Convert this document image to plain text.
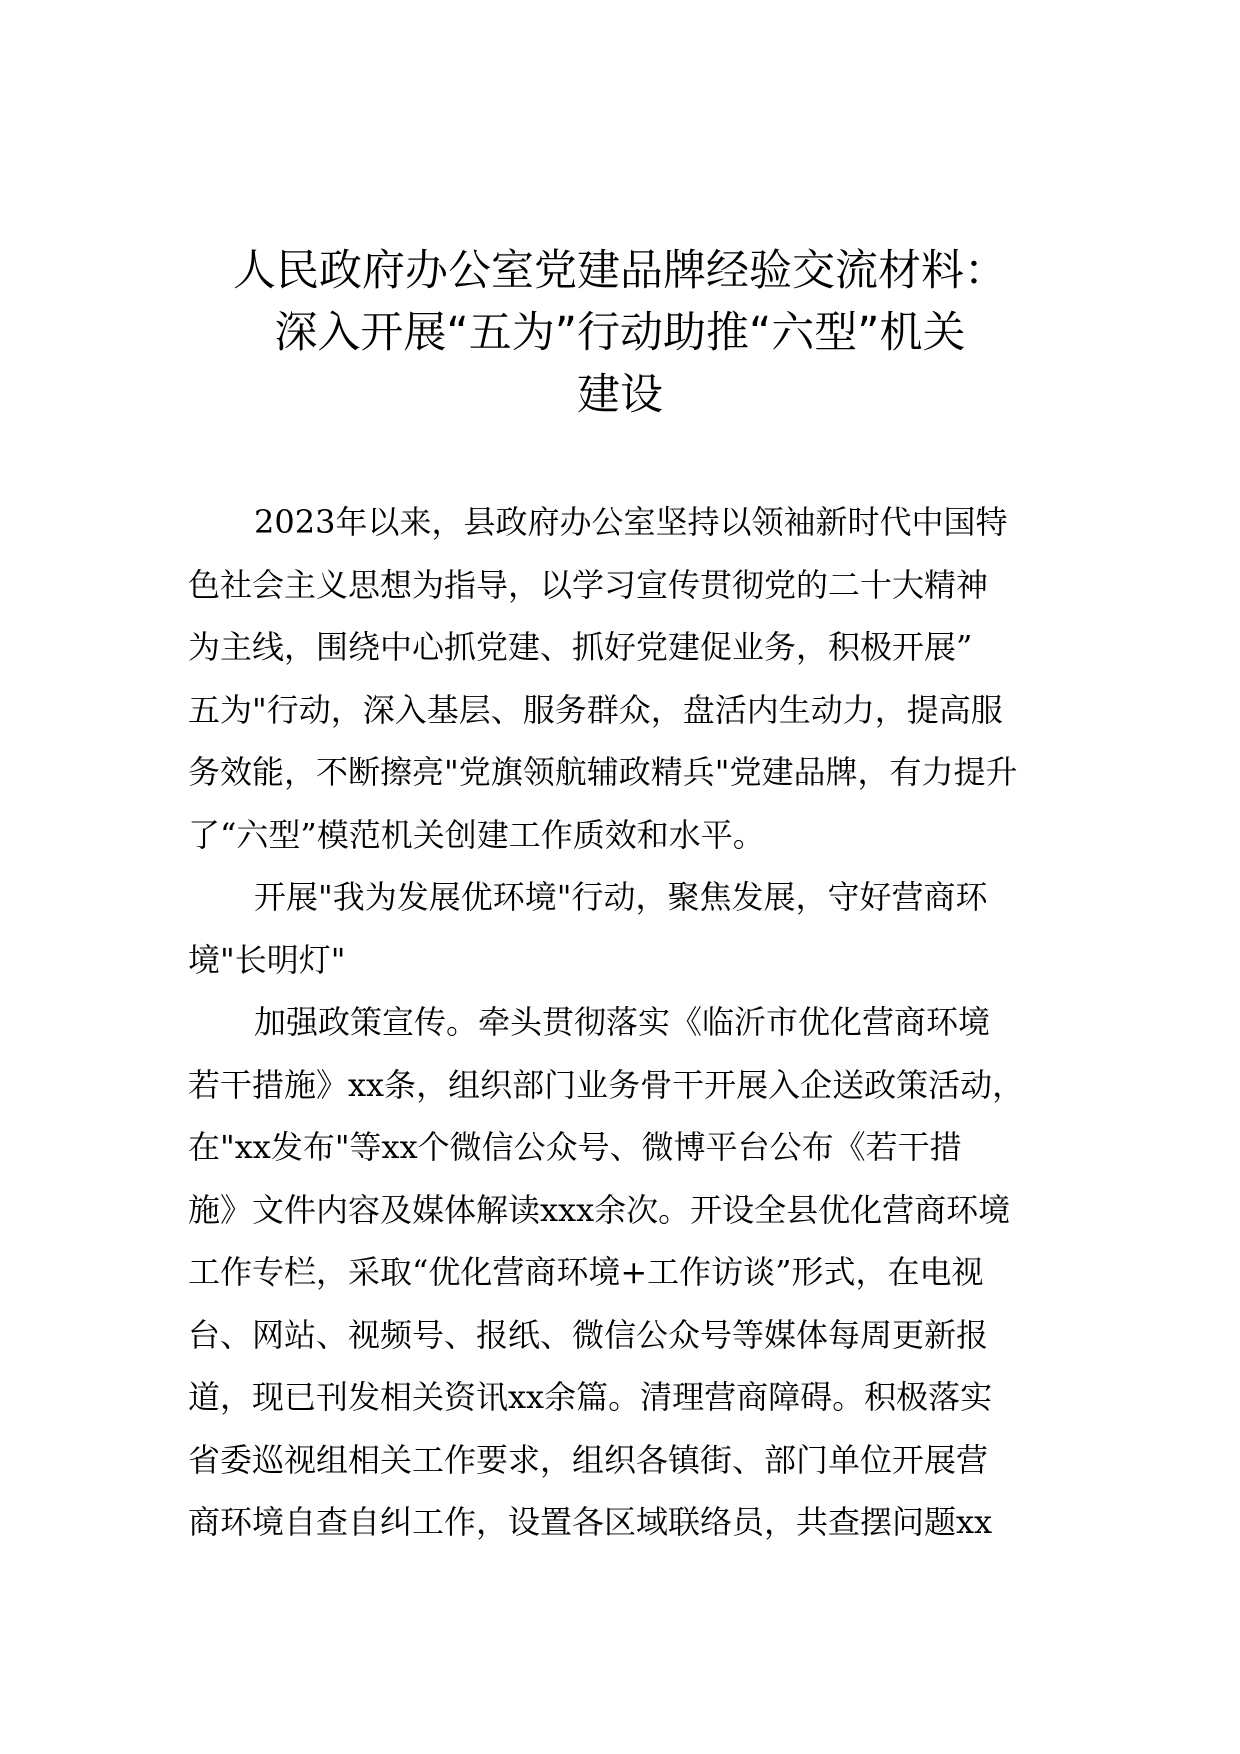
人民政府办公室党建品牌经验交流材料：
深入开展“五为”行动助推“六型”机关
建设
2023年以来，县政府办公室坚持以领袖新时代中国特
色社会主义思想为指导，以学习宣传贯彻党的二十大精神
为主线，围绕中心抓党建、抓好党建促业务，积极开展”
五为"行动，深入基层、服务群众，盘活内生动力，提高服
务效能，不断擦亮"党旗领航辅政精兵"党建品牌，有力提升
了“六型”模范机关创建工作质效和水平。
开展"我为发展优环境"行动，聚焦发展，守好营商环
境"长明灯"
加强政策宣传。牵头贯彻落实《临沂市优化营商环境
若干措施》xx条，组织部门业务骨干开展入企送政策活动，
在"xx发布"等xx个微信公众号、微博平台公布《若干措
施》文件内容及媒体解读xxx余次。开设全县优化营商环境
工作专栏，采取“优化营商环境+工作访谈”形式，在电视
台、网站、视频号、报纸、微信公众号等媒体每周更新报
道，现已刊发相关资讯xx余篇。清理营商障碍。积极落实
省委巡视组相关工作要求，组织各镇街、部门单位开展营
商环境自查自纠工作，设置各区域联络员，共查摆问题xx
